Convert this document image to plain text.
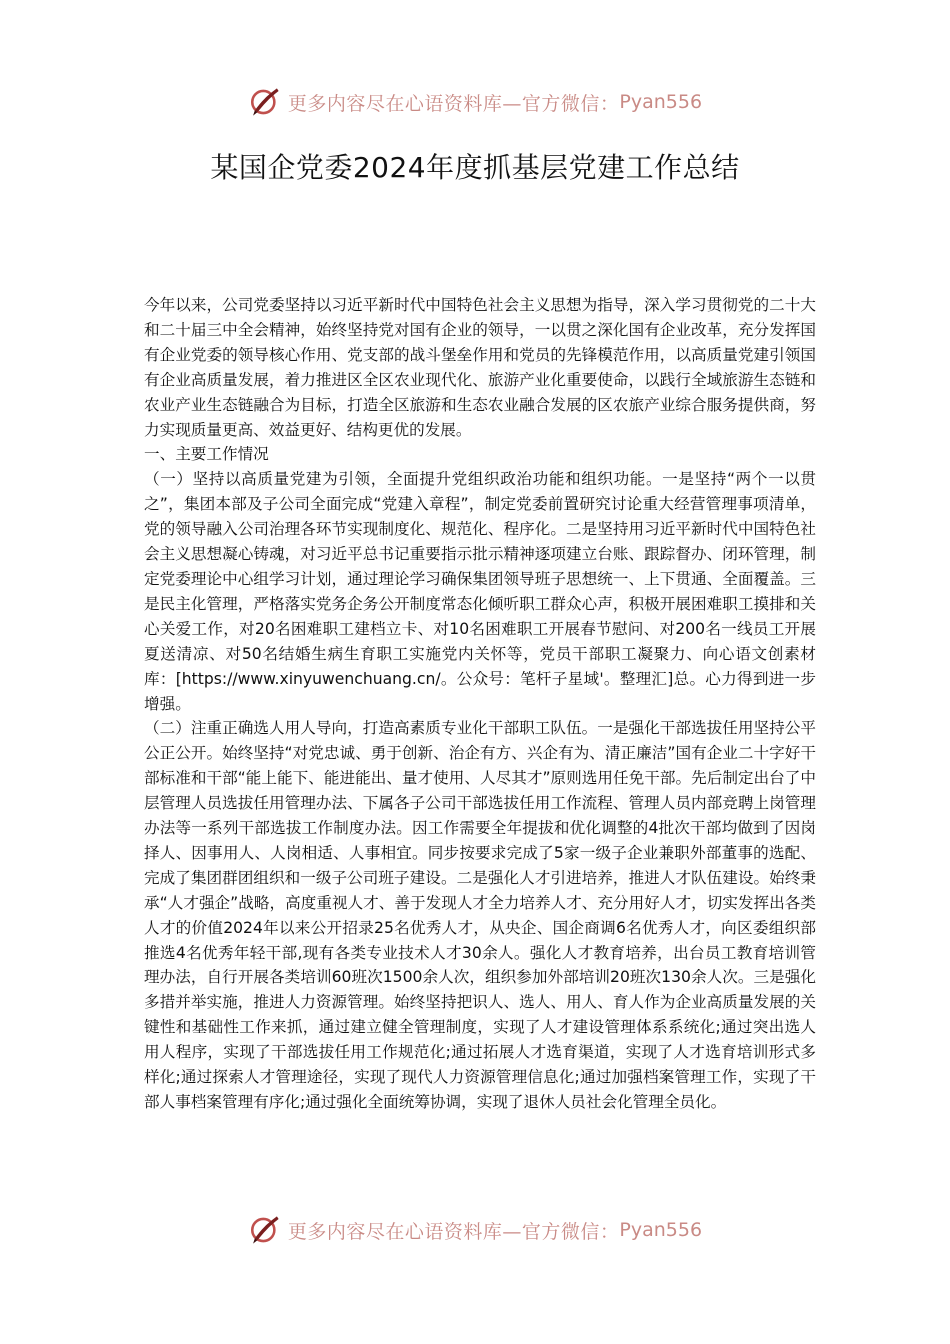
更多内容尽在心语资料库—官方微信： Pyan556
某国企党委2024年度抓基层党建工作总结

今年以来，公司党委坚持以习近平新时代中国特色社会主义思想为指导，深入学习贯彻党的二十大和二十届三中全会精神，始终坚持党对国有企业的领导，一以贯之深化国有企业改革，充分发挥国有企业党委的领导核心作用、党支部的战斗堡垒作用和党员的先锋模范作用，以高质量党建引领国有企业高质量发展，着力推进区全区农业现代化、旅游产业化重要使命，以践行全域旅游生态链和农业产业生态链融合为目标，打造全区旅游和生态农业融合发展的区农旅产业综合服务提供商，努力实现质量更高、效益更好、结构更优的发展。

一、主要工作情况

（一）坚持以高质量党建为引领，全面提升党组织政治功能和组织功能。一是坚持“两个一以贯之”，集团本部及子公司全面完成“党建入章程”，制定党委前置研究讨论重大经营管理事项清单，党的领导融入公司治理各环节实现制度化、规范化、程序化。二是坚持用习近平新时代中国特色社会主义思想凝心铸魂，对习近平总书记重要指示批示精神逐项建立台账、跟踪督办、闭环管理，制定党委理论中心组学习计划，通过理论学习确保集团领导班子思想统一、上下贯通、全面覆盖。三是民主化管理，严格落实党务企务公开制度常态化倾听职工群众心声，积极开展困难职工摸排和关心关爱工作，对20名困难职工建档立卡、对10名困难职工开展春节慰问、对200名一线员工开展夏送清凉、对50名结婚生病生育职工实施党内关怀等，党员干部职工凝聚力、向心语文创素材库：[https://www.xinyuwenchuang.cn/。公众号：笔杆子星域'。整理汇]总。心力得到进一步增强。

（二）注重正确选人用人导向，打造高素质专业化干部职工队伍。一是强化干部选拔任用坚持公平公正公开。始终坚持“对党忠诚、勇于创新、治企有方、兴企有为、清正廉洁”国有企业二十字好干部标准和干部“能上能下、能进能出、量才使用、人尽其才”原则选用任免干部。先后制定出台了中层管理人员选拔任用管理办法、下属各子公司干部选拔任用工作流程、管理人员内部竞聘上岗管理办法等一系列干部选拔工作制度办法。因工作需要全年提拔和优化调整的4批次干部均做到了因岗择人、因事用人、人岗相适、人事相宜。同步按要求完成了5家一级子企业兼职外部董事的选配、完成了集团群团组织和一级子公司班子建设。二是强化人才引进培养，推进人才队伍建设。始终秉承“人才强企”战略，高度重视人才、善于发现人才全力培养人才、充分用好人才，切实发挥出各类人才的价值2024年以来公开招录25名优秀人才，从央企、国企商调6名优秀人才，向区委组织部推选4名优秀年轻干部,现有各类专业技术人才30余人。强化人才教育培养，出台员工教育培训管理办法，自行开展各类培训60班次1500余人次，组织参加外部培训20班次130余人次。三是强化多措并举实施，推进人力资源管理。始终坚持把识人、选人、用人、育人作为企业高质量发展的关键性和基础性工作来抓，通过建立健全管理制度，实现了人才建设管理体系系统化;通过突出选人用人程序，实现了干部选拔任用工作规范化;通过拓展人才选育渠道，实现了人才选育培训形式多样化;通过探索人才管理途径，实现了现代人力资源管理信息化;通过加强档案管理工作，实现了干部人事档案管理有序化;通过强化全面统筹协调，实现了退休人员社会化管理全员化。

更多内容尽在心语资料库—官方微信： Pyan556
